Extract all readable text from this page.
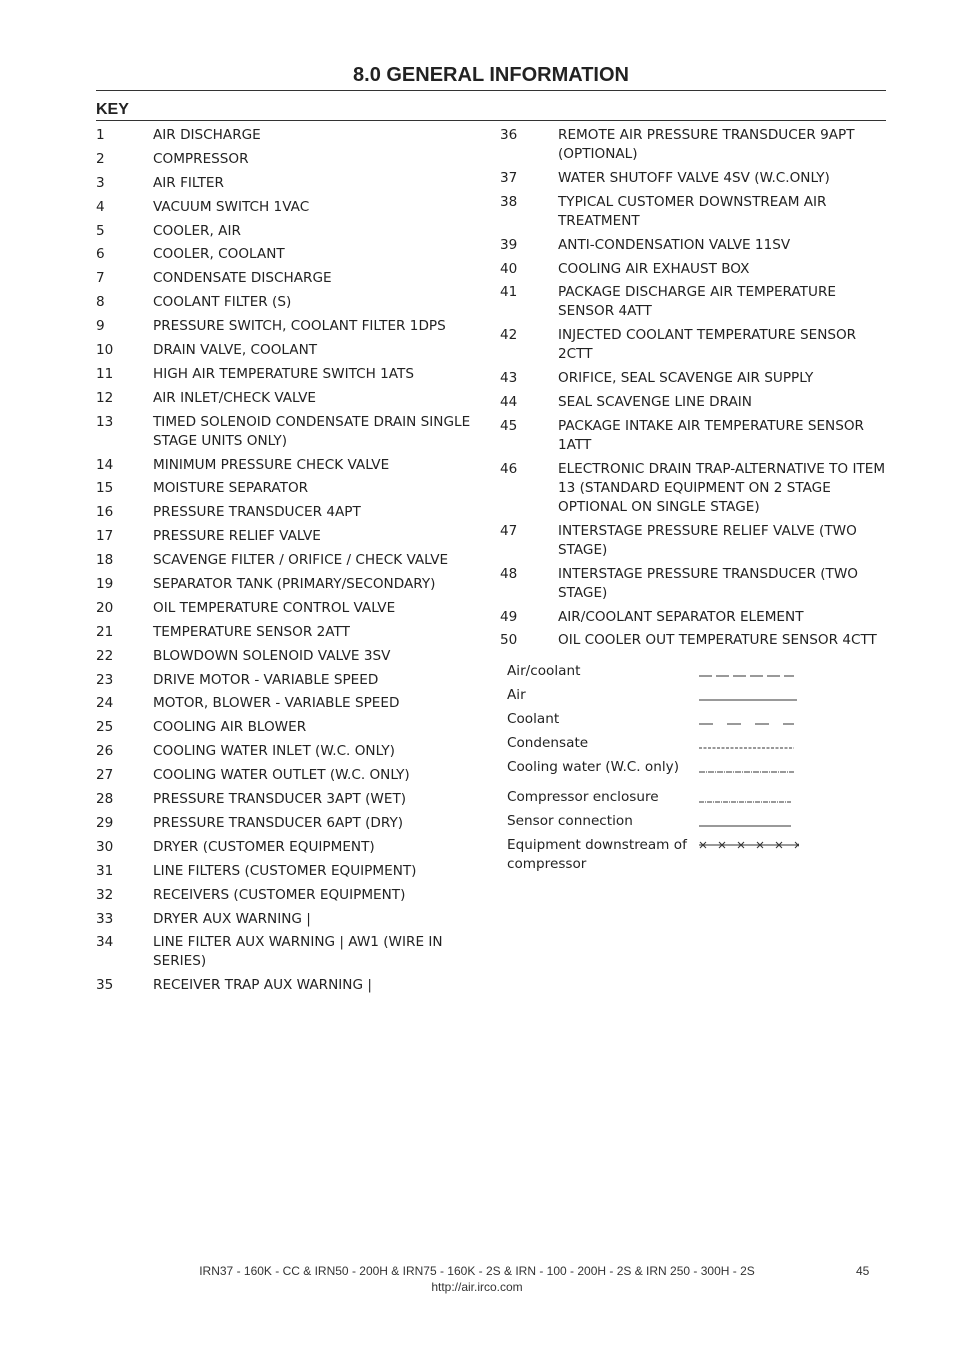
8.0 GENERAL INFORMATION
KEY
1	AIR DISCHARGE
2	COMPRESSOR
3	AIR FILTER
4	VACUUM SWITCH 1VAC
5	COOLER, AIR
6	COOLER, COOLANT
7	CONDENSATE DISCHARGE
8	COOLANT FILTER (S)
9	PRESSURE SWITCH, COOLANT FILTER 1DPS
10	DRAIN VALVE, COOLANT
11	HIGH AIR TEMPERATURE SWITCH 1ATS
12	AIR INLET/CHECK VALVE
13	TIMED SOLENOID CONDENSATE DRAIN SINGLE STAGE UNITS ONLY)
14	MINIMUM PRESSURE CHECK VALVE
15	MOISTURE SEPARATOR
16	PRESSURE TRANSDUCER 4APT
17	PRESSURE RELIEF VALVE
18	SCAVENGE FILTER / ORIFICE / CHECK VALVE
19	SEPARATOR TANK (PRIMARY/SECONDARY)
20	OIL TEMPERATURE CONTROL VALVE
21	TEMPERATURE SENSOR 2ATT
22	BLOWDOWN SOLENOID VALVE 3SV
23	DRIVE MOTOR - VARIABLE SPEED
24	MOTOR, BLOWER - VARIABLE SPEED
25	COOLING AIR BLOWER
26	COOLING WATER INLET (W.C. ONLY)
27	COOLING WATER OUTLET (W.C. ONLY)
28	PRESSURE TRANSDUCER 3APT (WET)
29	PRESSURE TRANSDUCER 6APT (DRY)
30	DRYER (CUSTOMER EQUIPMENT)
31	LINE FILTERS (CUSTOMER EQUIPMENT)
32	RECEIVERS (CUSTOMER EQUIPMENT)
33	DRYER AUX WARNING |
34	LINE FILTER AUX WARNING | AW1 (WIRE IN SERIES)
35	RECEIVER TRAP AUX WARNING |
36	REMOTE AIR PRESSURE TRANSDUCER 9APT (OPTIONAL)
37	WATER SHUTOFF VALVE 4SV (W.C.ONLY)
38	TYPICAL CUSTOMER DOWNSTREAM AIR TREATMENT
39	ANTI-CONDENSATION VALVE 11SV
40	COOLING AIR EXHAUST BOX
41	PACKAGE DISCHARGE AIR TEMPERATURE SENSOR 4ATT
42	INJECTED COOLANT TEMPERATURE SENSOR 2CTT
43	ORIFICE, SEAL SCAVENGE AIR SUPPLY
44	SEAL SCAVENGE LINE DRAIN
45	PACKAGE INTAKE AIR TEMPERATURE SENSOR 1ATT
46	ELECTRONIC DRAIN TRAP-ALTERNATIVE TO ITEM 13 (STANDARD EQUIPMENT ON 2 STAGE OPTIONAL ON SINGLE STAGE)
47	INTERSTAGE PRESSURE RELIEF VALVE (TWO STAGE)
48	INTERSTAGE PRESSURE TRANSDUCER (TWO STAGE)
49	AIR/COOLANT SEPARATOR ELEMENT
50	OIL COOLER OUT TEMPERATURE SENSOR 4CTT
Air/coolant
Air
Coolant
Condensate
Cooling water (W.C. only)
Compressor enclosure
Sensor connection
Equipment downstream of compressor
IRN37 - 160K - CC & IRN50 - 200H & IRN75 - 160K - 2S & IRN - 100 - 200H - 2S & IRN 250 - 300H - 2S
http://air.irco.com
45
